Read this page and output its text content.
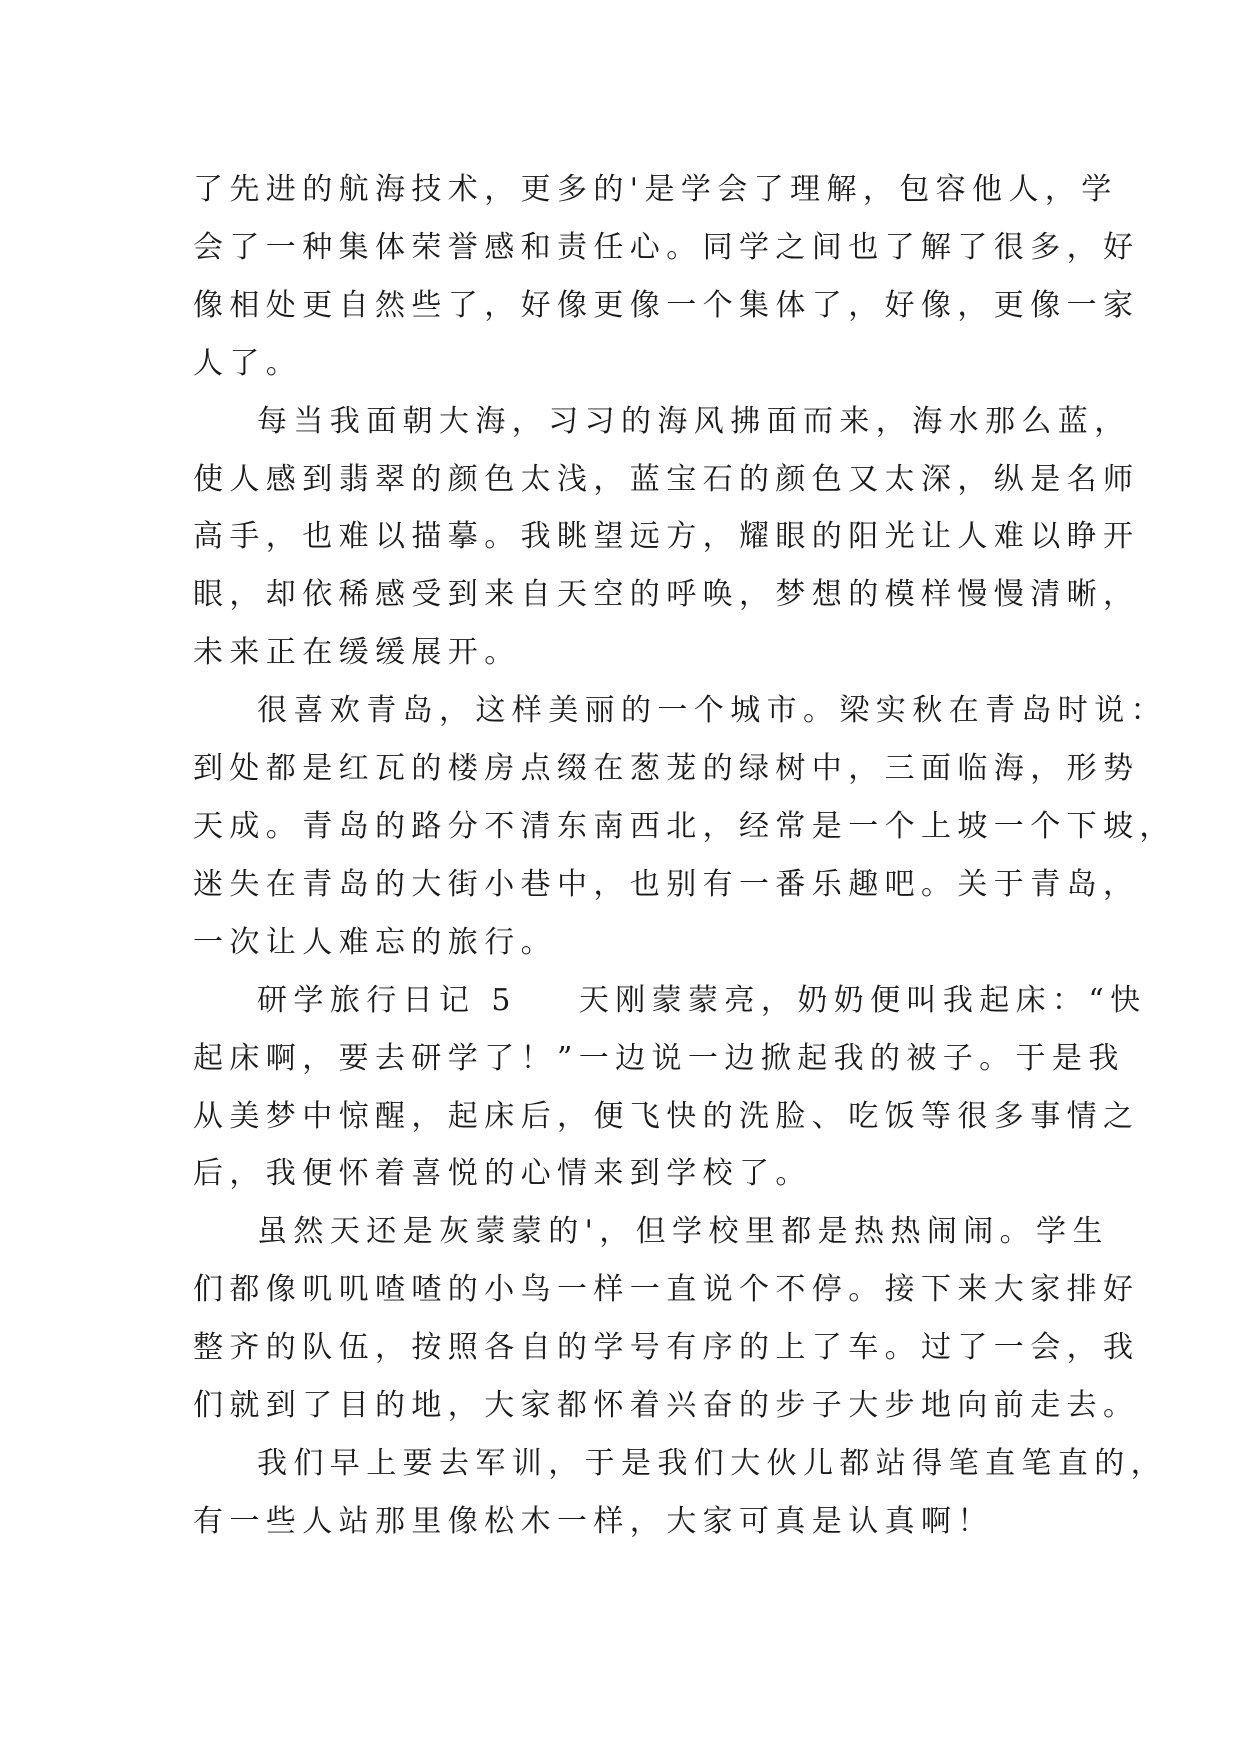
了先进的航海技术，更多的'是学会了理解，包容他人，学
会了一种集体荣誉感和责任心。同学之间也了解了很多，好
像相处更自然些了，好像更像一个集体了，好像，更像一家
人了。
每当我面朝大海，习习的海风拂面而来，海水那么蓝，
使人感到翡翠的颜色太浅，蓝宝石的颜色又太深，纵是名师
高手，也难以描摹。我眺望远方，耀眼的阳光让人难以睁开
眼，却依稀感受到来自天空的呼唤，梦想的模样慢慢清晰，
未来正在缓缓展开。
很喜欢青岛，这样美丽的一个城市。梁实秋在青岛时说：
到处都是红瓦的楼房点缀在葱茏的绿树中，三面临海，形势
天成。青岛的路分不清东南西北，经常是一个上坡一个下坡，
迷失在青岛的大街小巷中，也别有一番乐趣吧。关于青岛，
一次让人难忘的旅行。
研学旅行日记 5 天刚蒙蒙亮，奶奶便叫我起床：“快
起床啊，要去研学了！”一边说一边掀起我的被子。于是我
从美梦中惊醒，起床后，便飞快的洗脸、吃饭等很多事情之
后，我便怀着喜悦的心情来到学校了。
虽然天还是灰蒙蒙的'，但学校里都是热热闹闹。学生
们都像叽叽喳喳的小鸟一样一直说个不停。接下来大家排好
整齐的队伍，按照各自的学号有序的上了车。过了一会，我
们就到了目的地，大家都怀着兴奋的步子大步地向前走去。
我们早上要去军训，于是我们大伙儿都站得笔直笔直的，
有一些人站那里像松木一样，大家可真是认真啊！
